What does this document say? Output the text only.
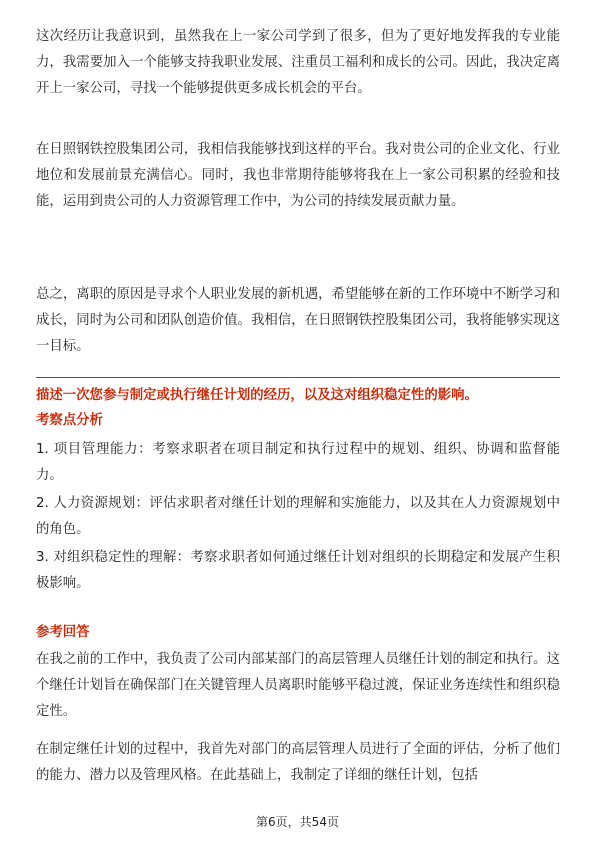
这次经历让我意识到，虽然我在上一家公司学到了很多，但为了更好地发挥我的专业能力，我需要加入一个能够支持我职业发展、注重员工福利和成长的公司。因此，我决定离开上一家公司，寻找一个能够提供更多成长机会的平台。

在日照钢铁控股集团公司，我相信我能够找到这样的平台。我对贵公司的企业文化、行业地位和发展前景充满信心。同时，我也非常期待能够将我在上一家公司积累的经验和技能，运用到贵公司的人力资源管理工作中，为公司的持续发展贡献力量。

总之，离职的原因是寻求个人职业发展的新机遇，希望能够在新的工作环境中不断学习和成长，同时为公司和团队创造价值。我相信，在日照钢铁控股集团公司，我将能够实现这一目标。

描述一次您参与制定或执行继任计划的经历，以及这对组织稳定性的影响。

考察点分析

1. 项目管理能力：考察求职者在项目制定和执行过程中的规划、组织、协调和监督能力。
2. 人力资源规划：评估求职者对继任计划的理解和实施能力，以及其在人力资源规划中的角色。
3. 对组织稳定性的理解：考察求职者如何通过继任计划对组织的长期稳定和发展产生积极影响。

参考回答

在我之前的工作中，我负责了公司内部某部门的高层管理人员继任计划的制定和执行。这个继任计划旨在确保部门在关键管理人员离职时能够平稳过渡，保证业务连续性和组织稳定性。

在制定继任计划的过程中，我首先对部门的高层管理人员进行了全面的评估，分析了他们的能力、潜力以及管理风格。在此基础上，我制定了详细的继任计划，包括

第6页，共54页
